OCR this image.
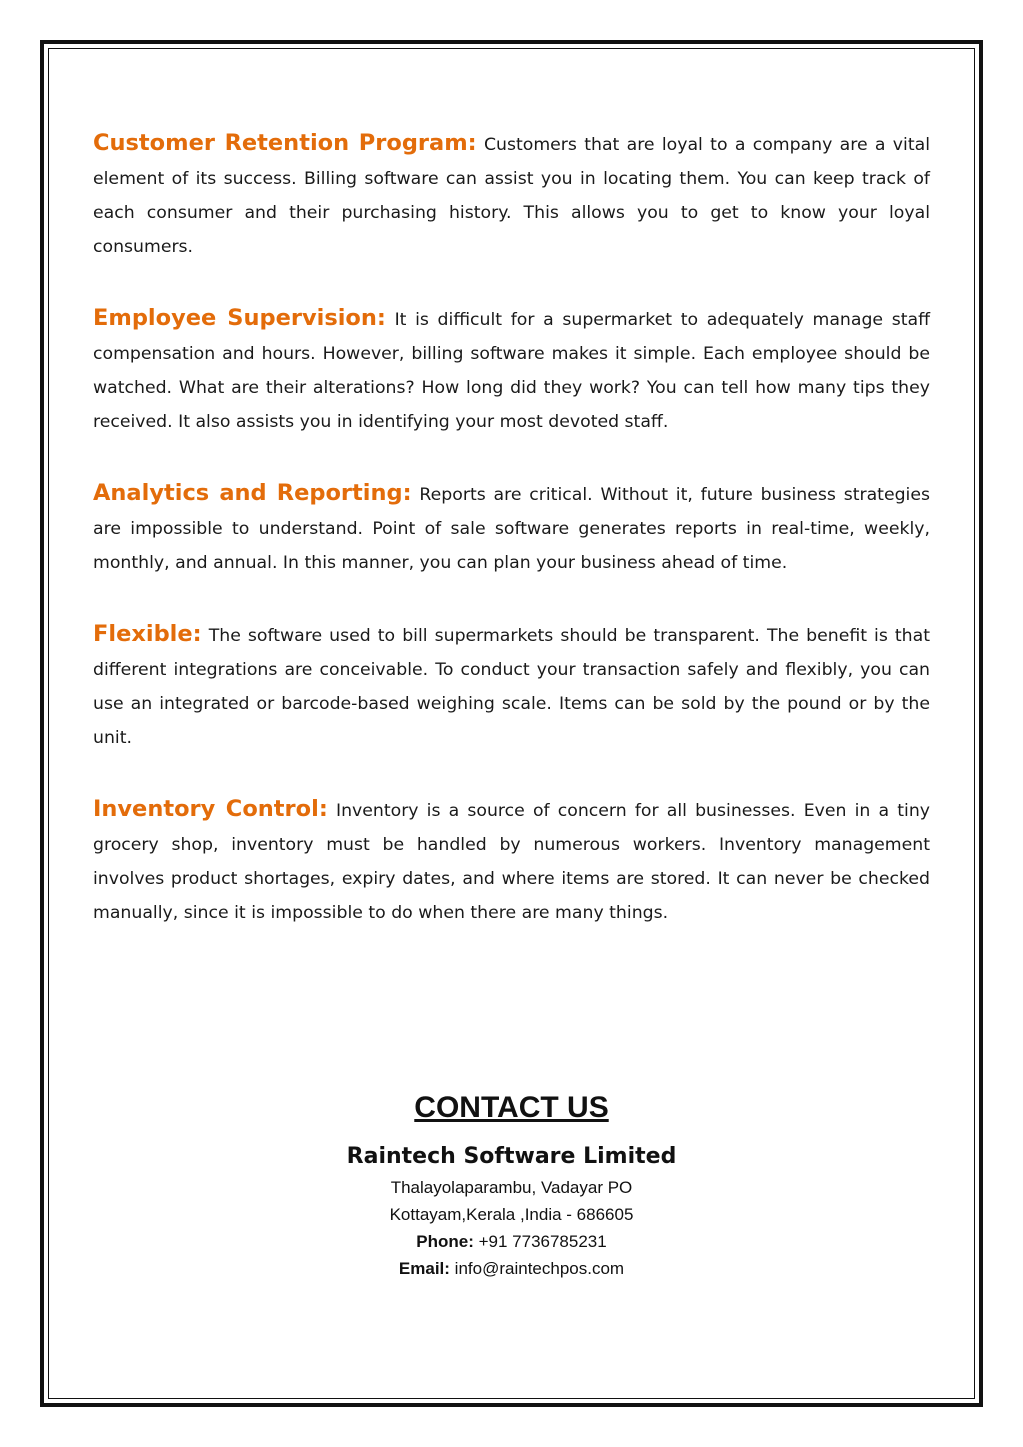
Customer Retention Program: Customers that are loyal to a company are a vital element of its success. Billing software can assist you in locating them. You can keep track of each consumer and their purchasing history. This allows you to get to know your loyal consumers.

Employee Supervision: It is difficult for a supermarket to adequately manage staff compensation and hours. However, billing software makes it simple. Each employee should be watched. What are their alterations? How long did they work? You can tell how many tips they received. It also assists you in identifying your most devoted staff.

Analytics and Reporting: Reports are critical. Without it, future business strategies are impossible to understand. Point of sale software generates reports in real-time, weekly, monthly, and annual. In this manner, you can plan your business ahead of time.

Flexible: The software used to bill supermarkets should be transparent. The benefit is that different integrations are conceivable. To conduct your transaction safely and flexibly, you can use an integrated or barcode-based weighing scale. Items can be sold by the pound or by the unit.

Inventory Control: Inventory is a source of concern for all businesses. Even in a tiny grocery shop, inventory must be handled by numerous workers. Inventory management involves product shortages, expiry dates, and where items are stored. It can never be checked manually, since it is impossible to do when there are many things.

CONTACT US
Raintech Software Limited
Thalayolaparambu, Vadayar PO
Kottayam,Kerala ,India - 686605
Phone: +91 7736785231
Email: info@raintechpos.com
